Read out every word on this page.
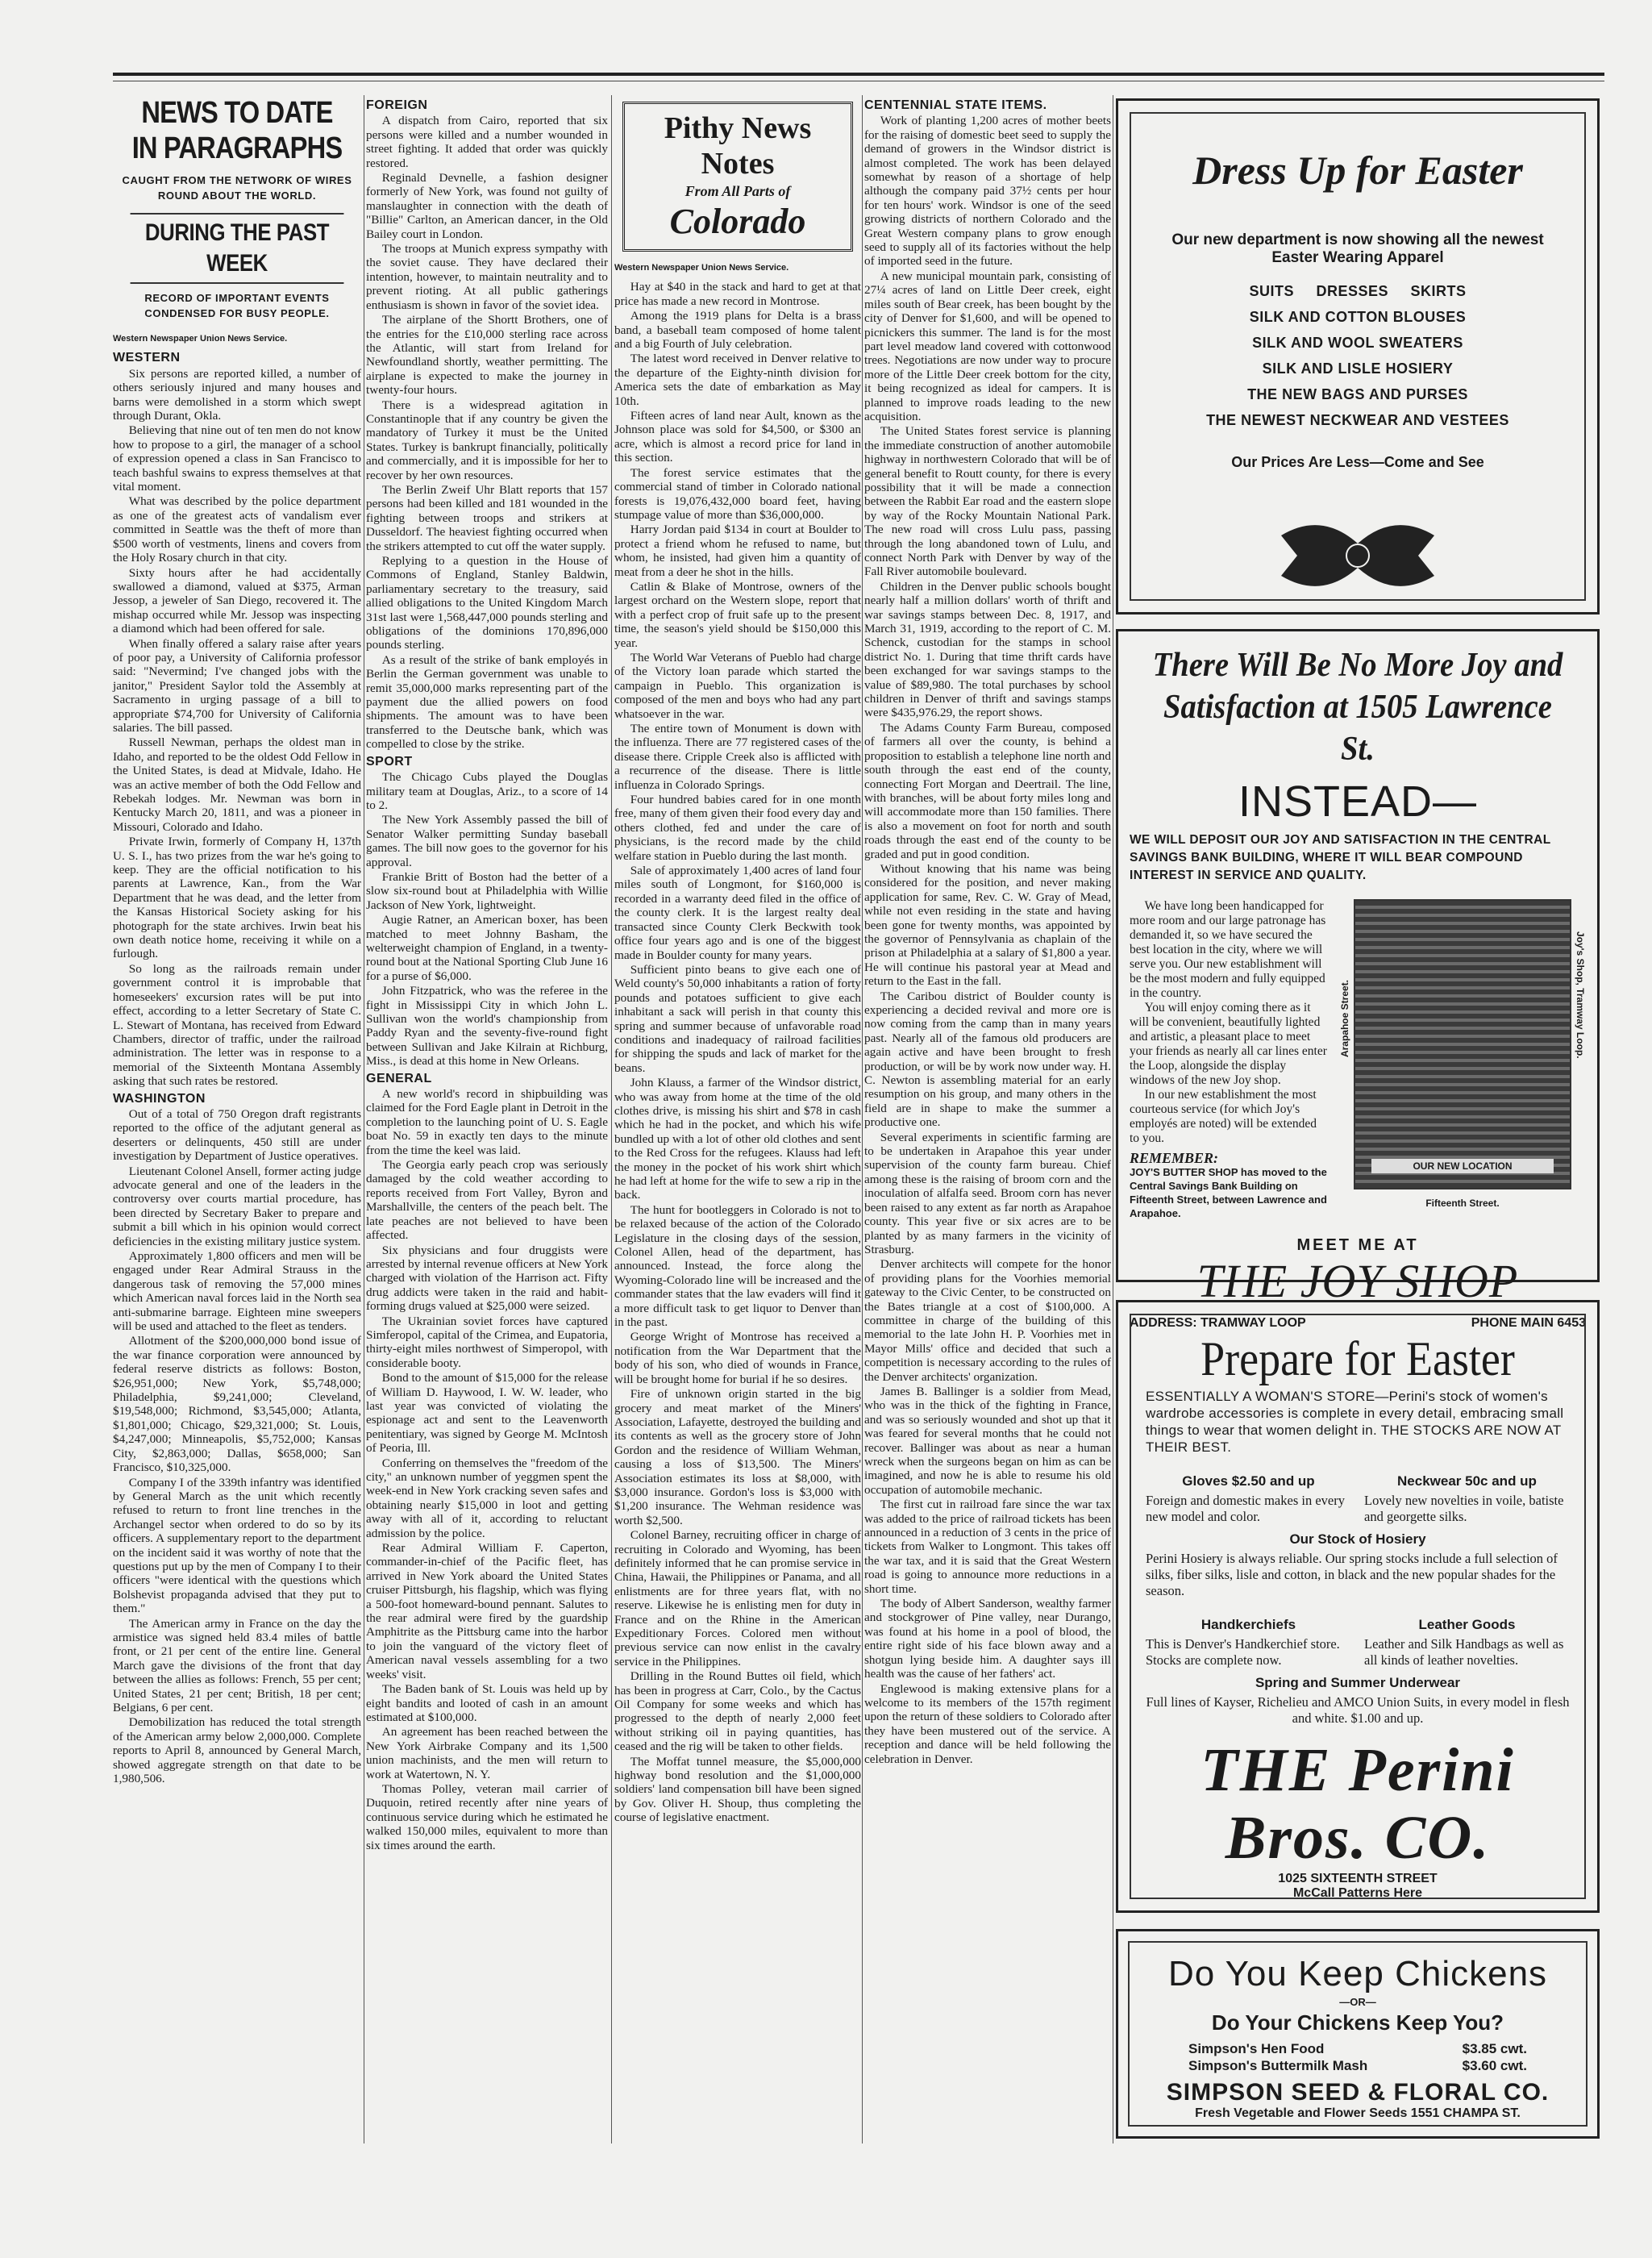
NEWS TO DATE IN PARAGRAPHS
CAUGHT FROM THE NETWORK OF WIRES ROUND ABOUT THE WORLD.
DURING THE PAST WEEK
RECORD OF IMPORTANT EVENTS CONDENSED FOR BUSY PEOPLE.
Western Newspaper Union News Service.
WESTERN

Six persons are reported killed, a number of others seriously injured and many houses and barns were demolished in a storm which swept through Durant, Okla.

Believing that nine out of ten men do not know how to propose to a girl, the manager of a school of expression opened a class in San Francisco to teach bashful swains to express themselves at that vital moment.

What was described by the police department as one of the greatest acts of vandalism ever committed in Seattle was the theft of more than $500 worth of vestments, linens and covers from the Holy Rosary church in that city.

Sixty hours after he had accidentally swallowed a diamond, valued at $375, Arman Jessop, a jeweler of San Diego, recovered it. The mishap occurred while Mr. Jessop was inspecting a diamond which had been offered for sale.

When finally offered a salary raise after years of poor pay, a University of California professor said: "Nevermind; I've changed jobs with the janitor," President Saylor told the Assembly at Sacramento in urging passage of a bill to appropriate $74,700 for University of California salaries. The bill passed.

Russell Newman, perhaps the oldest man in Idaho, and reported to be the oldest Odd Fellow in the United States, is dead at Midvale, Idaho. He was an active member of both the Odd Fellow and Rebekah lodges. Mr. Newman was born in Kentucky March 20, 1811, and was a pioneer in Missouri, Colorado and Idaho.

Private Irwin, formerly of Company H, 137th U. S. I., has two prizes from the war he's going to keep. They are the official notification to his parents at Lawrence, Kan., from the War Department that he was dead, and the letter from the Kansas Historical Society asking for his photograph for the state archives. Irwin beat his own death notice home, receiving it while on a furlough.

So long as the railroads remain under government control it is improbable that homeseekers' excursion rates will be put into effect, according to a letter Secretary of State C. L. Stewart of Montana, has received from Edward Chambers, director of traffic, under the railroad administration. The letter was in response to a memorial of the Sixteenth Montana Assembly asking that such rates be restored.

WASHINGTON

Out of a total of 750 Oregon draft registrants reported to the office of the adjutant general as deserters or delinquents, 450 still are under investigation by Department of Justice operatives.

Lieutenant Colonel Ansell, former acting judge advocate general and one of the leaders in the controversy over courts martial procedure, has been directed by Secretary Baker to prepare and submit a bill which in his opinion would correct deficiencies in the existing military justice system.

Approximately 1,800 officers and men will be engaged under Rear Admiral Strauss in the dangerous task of removing the 57,000 mines which American naval forces laid in the North sea anti-submarine barrage. Eighteen mine sweepers will be used and attached to the fleet as tenders.

Allotment of the $200,000,000 bond issue of the war finance corporation were announced by federal reserve districts as follows: Boston, $26,951,000; New York, $5,748,000; Philadelphia, $9,241,000; Cleveland, $19,548,000; Richmond, $3,545,000; Atlanta, $1,801,000; Chicago, $29,321,000; St. Louis, $4,247,000; Minneapolis, $5,752,000; Kansas City, $2,863,000; Dallas, $658,000; San Francisco, $10,325,000.

Company I of the 339th infantry was identified by General March as the unit which recently refused to return to front line trenches in the Archangel sector when ordered to do so by its officers. A supplementary report to the department on the incident said it was worthy of note that the questions put up by the men of Company I to their officers "were identical with the questions which Bolshevist propaganda advised that they put to them."

The American army in France on the day the armistice was signed held 83.4 miles of battle front, or 21 per cent of the entire line. General March gave the divisions of the front that day between the allies as follows: French, 55 per cent; United States, 21 per cent; British, 18 per cent; Belgians, 6 per cent.

Demobilization has reduced the total strength of the American army below 2,000,000. Complete reports to April 8, announced by General March, showed aggregate strength on that date to be 1,980,506.

FOREIGN

A dispatch from Cairo, reported that six persons were killed and a number wounded in street fighting. It added that order was quickly restored.

Reginald Devnelle, a fashion designer formerly of New York, was found not guilty of manslaughter in connection with the death of "Billie" Carlton, an American dancer, in the Old Bailey court in London.

The troops at Munich express sympathy with the soviet cause. They have declared their intention, however, to maintain neutrality and to prevent rioting. At all public gatherings enthusiasm is shown in favor of the soviet idea.

The airplane of the Shortt Brothers, one of the entries for the £10,000 sterling race across the Atlantic, will start from Ireland for Newfoundland shortly, weather permitting. The airplane is expected to make the journey in twenty-four hours.

There is a widespread agitation in Constantinople that if any country be given the mandatory of Turkey it must be the United States. Turkey is bankrupt financially, politically and commercially, and it is impossible for her to recover by her own resources.

The Berlin Zweif Uhr Blatt reports that 157 persons had been killed and 181 wounded in the fighting between troops and strikers at Dusseldorf. The heaviest fighting occurred when the strikers attempted to cut off the water supply.

Replying to a question in the House of Commons of England, Stanley Baldwin, parliamentary secretary to the treasury, said allied obligations to the United Kingdom March 31st last were 1,568,447,000 pounds sterling and obligations of the dominions 170,896,000 pounds sterling.

As a result of the strike of bank employés in Berlin the German government was unable to remit 35,000,000 marks representing part of the payment due the allied powers on food shipments. The amount was to have been transferred to the Deutsche bank, which was compelled to close by the strike.

SPORT

The Chicago Cubs played the Douglas military team at Douglas, Ariz., to a score of 14 to 2.

The New York Assembly passed the bill of Senator Walker permitting Sunday baseball games. The bill now goes to the governor for his approval.

Frankie Britt of Boston had the better of a slow six-round bout at Philadelphia with Willie Jackson of New York, lightweight.

Augie Ratner, an American boxer, has been matched to meet Johnny Basham, the welterweight champion of England, in a twenty-round bout at the National Sporting Club June 16 for a purse of $6,000.

John Fitzpatrick, who was the referee in the fight in Mississippi City in which John L. Sullivan won the world's championship from Paddy Ryan and the seventy-five-round fight between Sullivan and Jake Kilrain at Richburg, Miss., is dead at this home in New Orleans.

GENERAL

A new world's record in shipbuilding was claimed for the Ford Eagle plant in Detroit in the completion to the launching point of U. S. Eagle boat No. 59 in exactly ten days to the minute from the time the keel was laid.

The Georgia early peach crop was seriously damaged by the cold weather according to reports received from Fort Valley, Byron and Marshallville, the centers of the peach belt. The late peaches are not believed to have been affected.

Six physicians and four druggists were arrested by internal revenue officers at New York charged with violation of the Harrison act. Fifty drug addicts were taken in the raid and habit-forming drugs valued at $25,000 were seized.

The Ukrainian soviet forces have captured Simferopol, capital of the Crimea, and Eupatoria, thirty-eight miles northwest of Simperopol, with considerable booty.

Bond to the amount of $15,000 for the release of William D. Haywood, I. W. W. leader, who last year was convicted of violating the espionage act and sent to the Leavenworth penitentiary, was signed by George M. McIntosh of Peoria, Ill.

Conferring on themselves the "freedom of the city," an unknown number of yeggmen spent the week-end in New York cracking seven safes and obtaining nearly $15,000 in loot and getting away with all of it, according to reluctant admission by the police.

Rear Admiral William F. Caperton, commander-in-chief of the Pacific fleet, has arrived in New York aboard the United States cruiser Pittsburgh, his flagship, which was flying a 500-foot homeward-bound pennant. Salutes to the rear admiral were fired by the guardship Amphitrite as the Pittsburg came into the harbor to join the vanguard of the victory fleet of American naval vessels assembling for a two weeks' visit.

The Baden bank of St. Louis was held up by eight bandits and looted of cash in an amount estimated at $100,000.

An agreement has been reached between the New York Airbrake Company and its 1,500 union machinists, and the men will return to work at Watertown, N. Y.

Thomas Polley, veteran mail carrier of Duquoin, retired recently after nine years of continuous service during which he estimated he walked 150,000 miles, equivalent to more than six times around the earth.

Pithy News Notes
From All Parts of
Colorado
Western Newspaper Union News Service.

Hay at $40 in the stack and hard to get at that price has made a new record in Montrose.

Among the 1919 plans for Delta is a brass band, a baseball team composed of home talent and a big Fourth of July celebration.

The latest word received in Denver relative to the departure of the Eighty-ninth division for America sets the date of embarkation as May 10th.

Fifteen acres of land near Ault, known as the Johnson place was sold for $4,500, or $300 an acre, which is almost a record price for land in this section.

The forest service estimates that the commercial stand of timber in Colorado national forests is 19,076,432,000 board feet, having stumpage value of more than $36,000,000.

Harry Jordan paid $134 in court at Boulder to protect a friend whom he refused to name, but whom, he insisted, had given him a quantity of meat from a deer he shot in the hills.

Catlin & Blake of Montrose, owners of the largest orchard on the Western slope, report that with a perfect crop of fruit safe up to the present time, the season's yield should be $150,000 this year.

The World War Veterans of Pueblo had charge of the Victory loan parade which started the campaign in Pueblo. This organization is composed of the men and boys who had any part whatsoever in the war.

The entire town of Monument is down with the influenza. There are 77 registered cases of the disease there. Cripple Creek also is afflicted with a recurrence of the disease. There is little influenza in Colorado Springs.

Four hundred babies cared for in one month free, many of them given their food every day and others clothed, fed and under the care of physicians, is the record made by the child welfare station in Pueblo during the last month.

Sale of approximately 1,400 acres of land four miles south of Longmont, for $160,000 is recorded in a warranty deed filed in the office of the county clerk. It is the largest realty deal transacted since County Clerk Beckwith took office four years ago and is one of the biggest made in Boulder county for many years.

Sufficient pinto beans to give each one of Weld county's 50,000 inhabitants a ration of forty pounds and potatoes sufficient to give each inhabitant a sack will perish in that county this spring and summer because of unfavorable road conditions and inadequacy of railroad facilities for shipping the spuds and lack of market for the beans.

John Klauss, a farmer of the Windsor district, who was away from home at the time of the old clothes drive, is missing his shirt and $78 in cash which he had in the pocket, and which his wife bundled up with a lot of other old clothes and sent to the Red Cross for the refugees. Klauss had left the money in the pocket of his work shirt which he had left at home for the wife to sew a rip in the back.

The hunt for bootleggers in Colorado is not to be relaxed because of the action of the Colorado Legislature in the closing days of the session, Colonel Allen, head of the department, has announced. Instead, the force along the Wyoming-Colorado line will be increased and the commander states that the law evaders will find it a more difficult task to get liquor to Denver than in the past.

George Wright of Montrose has received a notification from the War Department that the body of his son, who died of wounds in France, will be brought home for burial if he so desires.

Fire of unknown origin started in the big grocery and meat market of the Miners' Association, Lafayette, destroyed the building and its contents as well as the grocery store of John Gordon and the residence of William Wehman, causing a loss of $13,500. The Miners' Association estimates its loss at $8,000, with $3,000 insurance. Gordon's loss is $3,000 with $1,200 insurance. The Wehman residence was worth $2,500.

Colonel Barney, recruiting officer in charge of recruiting in Colorado and Wyoming, has been definitely informed that he can promise service in China, Hawaii, the Philippines or Panama, and all enlistments are for three years flat, with no reserve. Likewise he is enlisting men for duty in France and on the Rhine in the American Expeditionary Forces. Colored men without previous service can now enlist in the cavalry service in the Philippines.

Drilling in the Round Buttes oil field, which has been in progress at Carr, Colo., by the Cactus Oil Company for some weeks and which has progressed to the depth of nearly 2,000 feet without striking oil in paying quantities, has ceased and the rig will be taken to other fields.

The Moffat tunnel measure, the $5,000,000 highway bond resolution and the $1,000,000 soldiers' land compensation bill have been signed by Gov. Oliver H. Shoup, thus completing the course of legislative enactment.

CENTENNIAL STATE ITEMS.

Work of planting 1,200 acres of mother beets for the raising of domestic beet seed to supply the demand of growers in the Windsor district is almost completed. The work has been delayed somewhat by reason of a shortage of help although the company paid 37½ cents per hour for ten hours' work. Windsor is one of the seed growing districts of northern Colorado and the Great Western company plans to grow enough seed to supply all of its factories without the help of imported seed in the future.

A new municipal mountain park, consisting of 27¼ acres of land on Little Deer creek, eight miles south of Bear creek, has been bought by the city of Denver for $1,600, and will be opened to picnickers this summer. The land is for the most part level meadow land covered with cottonwood trees. Negotiations are now under way to procure more of the Little Deer creek bottom for the city, it being recognized as ideal for campers. It is planned to improve roads leading to the new acquisition.

The United States forest service is planning the immediate construction of another automobile highway in northwestern Colorado that will be of general benefit to Routt county, for there is every possibility that it will be made a connection between the Rabbit Ear road and the eastern slope by way of the Rocky Mountain National Park. The new road will cross Lulu pass, passing through the long abandoned town of Lulu, and connect North Park with Denver by way of the Fall River automobile boulevard.

Children in the Denver public schools bought nearly half a million dollars' worth of thrift and war savings stamps between Dec. 8, 1917, and March 31, 1919, according to the report of C. M. Schenck, custodian for the stamps in school district No. 1. During that time thrift cards have been exchanged for war savings stamps to the value of $89,980. The total purchases by school children in Denver of thrift and savings stamps were $435,976.29, the report shows.

The Adams County Farm Bureau, composed of farmers all over the county, is behind a proposition to establish a telephone line north and south through the east end of the county, connecting Fort Morgan and Deertrail. The line, with branches, will be about forty miles long and will accommodate more than 150 families. There is also a movement on foot for north and south roads through the east end of the county to be graded and put in good condition.

Without knowing that his name was being considered for the position, and never making application for same, Rev. C. W. Gray of Mead, while not even residing in the state and having been gone for twenty months, was appointed by the governor of Pennsylvania as chaplain of the prison at Philadelphia at a salary of $1,800 a year. He will continue his pastoral year at Mead and return to the East in the fall.

The Caribou district of Boulder county is experiencing a decided revival and more ore is now coming from the camp than in many years past. Nearly all of the famous old producers are again active and have been brought to fresh production, or will be by work now under way. H. C. Newton is assembling material for an early resumption on his group, and many others in the field are in shape to make the summer a productive one.

Several experiments in scientific farming are to be undertaken in Arapahoe this year under supervision of the county farm bureau. Chief among these is the raising of broom corn and the inoculation of alfalfa seed. Broom corn has never been raised to any extent as far north as Arapahoe county. This year five or six acres are to be planted by as many farmers in the vicinity of Strasburg.

Denver architects will compete for the honor of providing plans for the Voorhies memorial gateway to the Civic Center, to be constructed on the Bates triangle at a cost of $100,000. A committee in charge of the building of this memorial to the late John H. P. Voorhies met in Mayor Mills' office and decided that such a competition is necessary according to the rules of the Denver architects' organization.

James B. Ballinger is a soldier from Mead, who was in the thick of the fighting in France, and was so seriously wounded and shot up that it was feared for several months that he could not recover. Ballinger was about as near a human wreck when the surgeons began on him as can be imagined, and now he is able to resume his old occupation of automobile mechanic.

The first cut in railroad fare since the war tax was added to the price of railroad tickets has been announced in a reduction of 3 cents in the price of tickets from Walker to Longmont. This takes off the war tax, and it is said that the Great Western road is going to announce more reductions in a short time.

The body of Albert Sanderson, wealthy farmer and stockgrower of Pine valley, near Durango, was found at his home in a pool of blood, the entire right side of his face blown away and a shotgun lying beside him. A daughter says ill health was the cause of her fathers' act.

Englewood is making extensive plans for a welcome to its members of the 157th regiment upon the return of these soldiers to Colorado after they have been mustered out of the service. A reception and dance will be held following the celebration in Denver.

Dress Up for Easter
Our new department is now showing all the newest Easter Wearing Apparel
SUITS     DRESSES     SKIRTS
SILK AND COTTON BLOUSES
SILK AND WOOL SWEATERS
SILK AND LISLE HOSIERY
THE NEW BAGS AND PURSES
THE NEWEST NECKWEAR AND VESTEES
Our Prices Are Less—Come and See
There Will Be No More Joy and Satisfaction at 1505 Lawrence St.
INSTEAD—
WE WILL DEPOSIT OUR JOY AND SATISFACTION IN THE CENTRAL SAVINGS BANK BUILDING, WHERE IT WILL BEAR COMPOUND INTEREST IN SERVICE AND QUALITY.

We have long been handicapped for more room and our large patronage has demanded it, so we have secured the best location in the city, where we will serve you. Our new establishment will be the most modern and fully equipped in the country.

You will enjoy coming there as it will be convenient, beautifully lighted and artistic, a pleasant place to meet your friends as nearly all car lines enter the Loop, alongside the display windows of the new Joy shop.

In our new establishment the most courteous service (for which Joy's employés are noted) will be extended to you.

REMEMBER:
JOY'S BUTTER SHOP has moved to the Central Savings Bank Building on Fifteenth Street, between Lawrence and Arapahoe.
Arapahoe Street.
OUR NEW LOCATION
Fifteenth Street.
Joy's Shop, Tramway Loop.
MEET ME AT
THE JOY SHOP
ADDRESS: TRAMWAY LOOP	PHONE MAIN 6453
Prepare for Easter
ESSENTIALLY A WOMAN'S STORE—Perini's stock of women's wardrobe accessories is complete in every detail, embracing small things to wear that women delight in. THE STOCKS ARE NOW AT THEIR BEST.
Gloves $2.50 and up
Foreign and domestic makes in every new model and color.
Neckwear 50c and up
Lovely new novelties in voile, batiste and georgette silks.
Our Stock of Hosiery
Perini Hosiery is always reliable. Our spring stocks include a full selection of silks, fiber silks, lisle and cotton, in black and the new popular shades for the season.
Handkerchiefs
This is Denver's Handkerchief store. Stocks are complete now.
Leather Goods
Leather and Silk Handbags as well as all kinds of leather novelties.
Spring and Summer Underwear
Full lines of Kayser, Richelieu and AMCO Union Suits, in every model in flesh and white. $1.00 and up.
THE Perini Bros. CO.
1025 SIXTEENTH STREET
McCall Patterns Here
Do You Keep Chickens
—OR—
Do Your Chickens Keep You?
Simpson's Hen Food	$3.85 cwt.
Simpson's Buttermilk Mash	$3.60 cwt.
SIMPSON SEED & FLORAL CO.
Fresh Vegetable and Flower Seeds 1551 CHAMPA ST.
